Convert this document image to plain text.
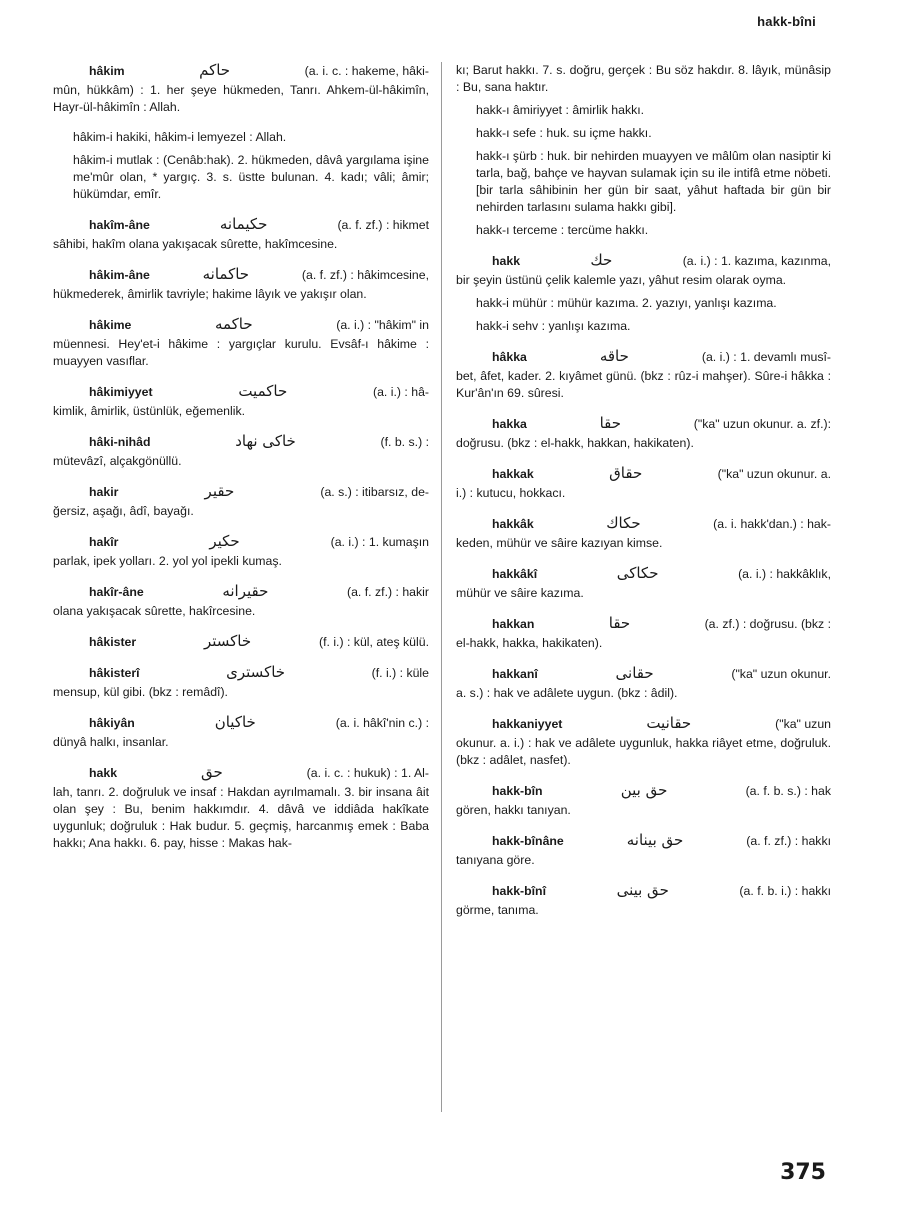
hakk-bîni
hâkim	حاكم	(a. i. c. : hakeme, hâki-
mûn, hükkâm) : 1. her şeye hükmeden, Tanrı. Ahkem-ül-hâkimîn, Hayr-ül-hâkimîn : Allah.
hâkim-i hakiki, hâkim-i lemyezel : Allah.
hâkim-i mutlak : (Cenâb:hak). 2. hükmeden, dâvâ yargılama işine me'mûr olan, * yargıç. 3. s. üstte bulunan. 4. kadı; vâli; âmir; hükümdar, emîr.
hakîm-âne	حكيمانه	(a. f. zf.) : hikmet
sâhibi, hakîm olana yakışacak sûrette, hakîmcesine.
hâkim-âne	حاكمانه	(a. f. zf.) : hâkimcesine,
hükmederek, âmirlik tavriyle; hakime lâyık ve yakışır olan.
hâkime	حاكمه	(a. i.) : "hâkim" in
müennesi. Hey'et-i hâkime : yargıçlar kurulu. Evsâf-ı hâkime : muayyen vasıflar.
hâkimiyyet	حاكميت	(a. i.) : hâ-
kimlik, âmirlik, üstünlük, eğemenlik.
hâki-nihâd	خاكى نهاد	(f. b. s.) :
mütevâzî, alçakgönüllü.
hakir	حقير	(a. s.) : itibarsız, de-
ğersiz, aşağı, âdî, bayağı.
hakîr	حكير	(a. i.) : 1. kumaşın
parlak, ipek yolları. 2. yol yol ipekli kumaş.
hakîr-âne	حقيرانه	(a. f. zf.) : hakir
olana yakışacak sûrette, hakîrcesine.
hâkister	خاكستر	(f. i.) : kül, ateş külü.
hâkisterî	خاكسترى	(f. i.) : küle
mensup, kül gibi. (bkz : remâdî).
hâkiyân	خاكيان	(a. i. hâkî'nin c.) :
dünyâ halkı, insanlar.
hakk	حق	(a. i. c. : hukuk) : 1. Al-
lah, tanrı. 2. doğruluk ve insaf : Hakdan ayrılmamalı. 3. bir insana âit olan şey : Bu, benim hakkımdır. 4. dâvâ ve iddiâda hakîkate uygunluk; doğruluk : Hak budur. 5. geçmiş, harcanmış emek : Baba hakkı; Ana hakkı. 6. pay, hisse : Makas hak-
kı; Barut hakkı. 7. s. doğru, gerçek : Bu söz hakdır. 8. lâyık, münâsip : Bu, sana haktır.
hakk-ı âmiriyyet : âmirlik hakkı.
hakk-ı sefe : huk. su içme hakkı.
hakk-ı şürb : huk. bir nehirden muayyen ve mâlûm olan nasiptir ki tarla, bağ, bahçe ve hayvan sulamak için su ile intifâ etme nöbeti. [bir tarla sâhibinin her gün bir saat, yâhut haftada bir gün bir nehirden tarlasını sulama hakkı gibi].
hakk-ı terceme : tercüme hakkı.
hakk	حك	(a. i.) : 1. kazıma, kazınma,
bir şeyin üstünü çelik kalemle yazı, yâhut resim olarak oyma.
hakk-i mühür : mühür kazıma. 2. yazıyı, yanlışı kazıma.
hakk-i sehv : yanlışı kazıma.
hâkka	حاقه	(a. i.) : 1. devamlı musî-
bet, âfet, kader. 2. kıyâmet günü. (bkz : rûz-i mahşer). Sûre-i hâkka : Kur'ân'ın 69. sûresi.
hakka	حقا	("ka" uzun okunur. a. zf.):
doğrusu. (bkz : el-hakk, hakkan, hakikaten).
hakkak	حقاق	("ka" uzun okunur. a.
i.) : kutucu, hokkacı.
hakkâk	حكاك	(a. i. hakk'dan.) : hak-
keden, mühür ve sâire kazıyan kimse.
hakkâkî	حكاكى	(a. i.) : hakkâklık,
mühür ve sâire kazıma.
hakkan	حقا	(a. zf.) : doğrusu. (bkz :
el-hakk, hakka, hakikaten).
hakkanî	حقانى	("ka" uzun okunur.
a. s.) : hak ve adâlete uygun. (bkz : âdil).
hakkaniyyet	حقانيت	("ka" uzun
okunur. a. i.) : hak ve adâlete uygunluk, hakka riâyet etme, doğruluk. (bkz : adâlet, nasfet).
hakk-bîn	حق بين	(a. f. b. s.) : hak
gören, hakkı tanıyan.
hakk-bînâne	حق بينانه	(a. f. zf.) : hakkı
tanıyana göre.
hakk-bînî	حق بينى	(a. f. b. i.) : hakkı
görme, tanıma.
375
